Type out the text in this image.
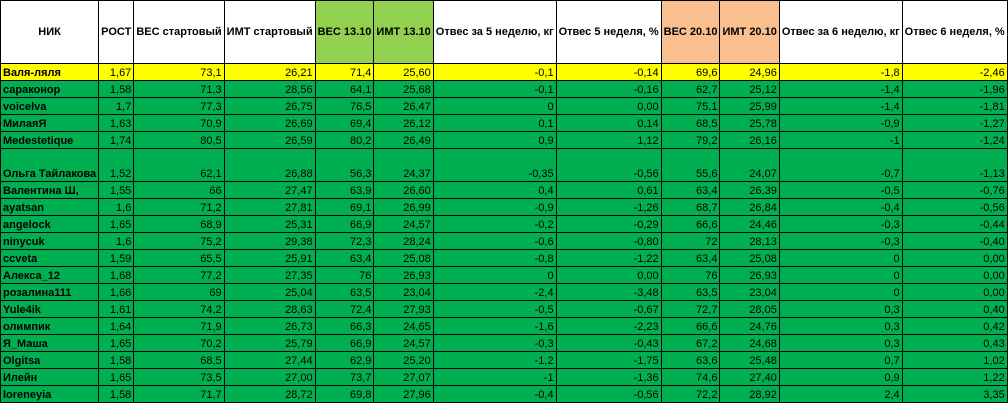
НИК	РОСТ	ВЕС стартовый	ИМТ стартовый	ВЕС 13.10	ИМТ 13.10	Отвес за 5 неделю, кг	Отвес 5 неделя, %	ВЕС 20.10	ИМТ 20.10	Отвес за 6 неделю, кг	Отвес 6 неделя, %
Валя-ляля	1,67	73,1	26,21	71,4	25,60	-0,1	-0,14	69,6	24,96	-1,8	-2,46
сараконор	1,58	71,3	28,56	64,1	25,68	-0,1	-0,16	62,7	25,12	-1,4	-1,96
voicelva	1,7	77,3	26,75	76,5	26,47	0	0,00	75,1	25,99	-1,4	-1,81
МилаяЯ	1,63	70,9	26,69	69,4	26,12	0,1	0,14	68,5	25,78	-0,9	-1,27
Medestetique	1,74	80,5	26,59	80,2	26,49	0,9	1,12	79,2	26,16	-1	-1,24
Ольга Тайлакова	1,52	62,1	26,88	56,3	24,37	-0,35	-0,56	55,6	24,07	-0,7	-1,13
Валентина Ш,	1,55	66	27,47	63,9	26,60	0,4	0,61	63,4	26,39	-0,5	-0,76
ayatsan	1,6	71,2	27,81	69,1	26,99	-0,9	-1,26	68,7	26,84	-0,4	-0,56
angelock	1,65	68,9	25,31	66,9	24,57	-0,2	-0,29	66,6	24,46	-0,3	-0,44
ninycuk	1,6	75,2	29,38	72,3	28,24	-0,6	-0,80	72	28,13	-0,3	-0,40
ccveta	1,59	65,5	25,91	63,4	25,08	-0,8	-1,22	63,4	25,08	0	0,00
Алекса_12	1,68	77,2	27,35	76	26,93	0	0,00	76	26,93	0	0,00
розалина111	1,66	69	25,04	63,5	23,04	-2,4	-3,48	63,5	23,04	0	0,00
Yule4ik	1,61	74,2	28,63	72,4	27,93	-0,5	-0,67	72,7	28,05	0,3	0,40
олимпик	1,64	71,9	26,73	66,3	24,65	-1,6	-2,23	66,6	24,76	0,3	0,42
Я_Маша	1,65	70,2	25,79	66,9	24,57	-0,3	-0,43	67,2	24,68	0,3	0,43
Olgitsa	1,58	68,5	27,44	62,9	25,20	-1,2	-1,75	63,6	25,48	0,7	1,02
Илейн	1,65	73,5	27,00	73,7	27,07	-1	-1,36	74,6	27,40	0,9	1,22
loreneyia	1,58	71,7	28,72	69,8	27,96	-0,4	-0,56	72,2	28,92	2,4	3,35
